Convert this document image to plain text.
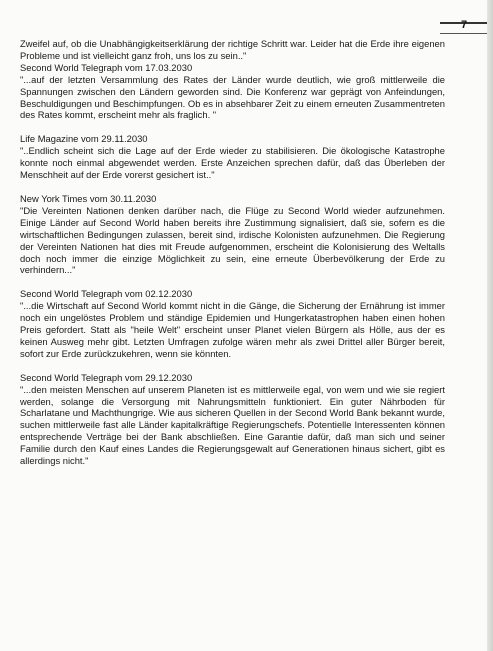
7

Zweifel auf, ob die Unabhängigkeitserklärung der richtige Schritt war. Leider hat die Erde ihre eigenen Probleme und ist vielleicht ganz froh, uns los zu sein.."

Second World Telegraph vom 17.03.2030

"...auf der letzten Versammlung des Rates der Länder wurde deutlich, wie groß mittlerweile die Spannungen zwischen den Ländern geworden sind. Die Konferenz war geprägt von Anfeindungen, Beschuldigungen und Beschimpfungen. Ob es in absehbarer Zeit zu einem erneuten Zusammentreten des Rates kommt, erscheint mehr als fraglich. "

Life Magazine vom 29.11.2030

"..Endlich scheint sich die Lage auf der Erde wieder zu stabilisieren. Die ökologische Katastrophe konnte noch einmal abgewendet werden. Erste Anzeichen sprechen dafür, daß das Überleben der Menschheit auf der Erde vorerst gesichert ist.."

New York Times vom 30.11.2030

"Die Vereinten Nationen denken darüber nach, die Flüge zu Second World wieder aufzunehmen. Einige Länder auf Second World haben bereits ihre Zustimmung signalisiert, daß sie, sofern es die wirtschaftlichen Bedingungen zulassen, bereit sind, irdische Kolonisten aufzunehmen. Die Regierung der Vereinten Nationen hat dies mit Freude aufgenommen, erscheint die Kolonisierung des Weltalls doch noch immer die einzige Möglichkeit zu sein, eine erneute Überbevölkerung der Erde zu verhindern..."

Second World Telegraph vom 02.12.2030

"...die Wirtschaft auf Second World kommt nicht in die Gänge, die Sicherung der Ernährung ist immer noch ein ungelöstes Problem und ständige Epidemien und Hungerkatastrophen haben einen hohen Preis gefordert. Statt als "heile Welt" erscheint unser Planet vielen Bürgern als Hölle, aus der es keinen Ausweg mehr gibt. Letzten Umfragen zufolge wären mehr als zwei Drittel aller Bürger bereit, sofort zur Erde zurückzukehren, wenn sie könnten.

Second World Telegraph vom 29.12.2030

"...den meisten Menschen auf unserem Planeten ist es mittlerweile egal, von wem und wie sie regiert werden, solange die Versorgung mit Nahrungsmitteln funktioniert. Ein guter Nährboden für Scharlatane und Machthungrige. Wie aus sicheren Quellen in der Second World Bank bekannt wurde, suchen mittlerweile fast alle Länder kapitalkräftige Regierungschefs. Potentielle Interessenten können entsprechende Verträge bei der Bank abschließen. Eine Garantie dafür, daß man sich und seiner Familie durch den Kauf eines Landes die Regierungsgewalt auf Generationen hinaus sichert, gibt es allerdings nicht."
